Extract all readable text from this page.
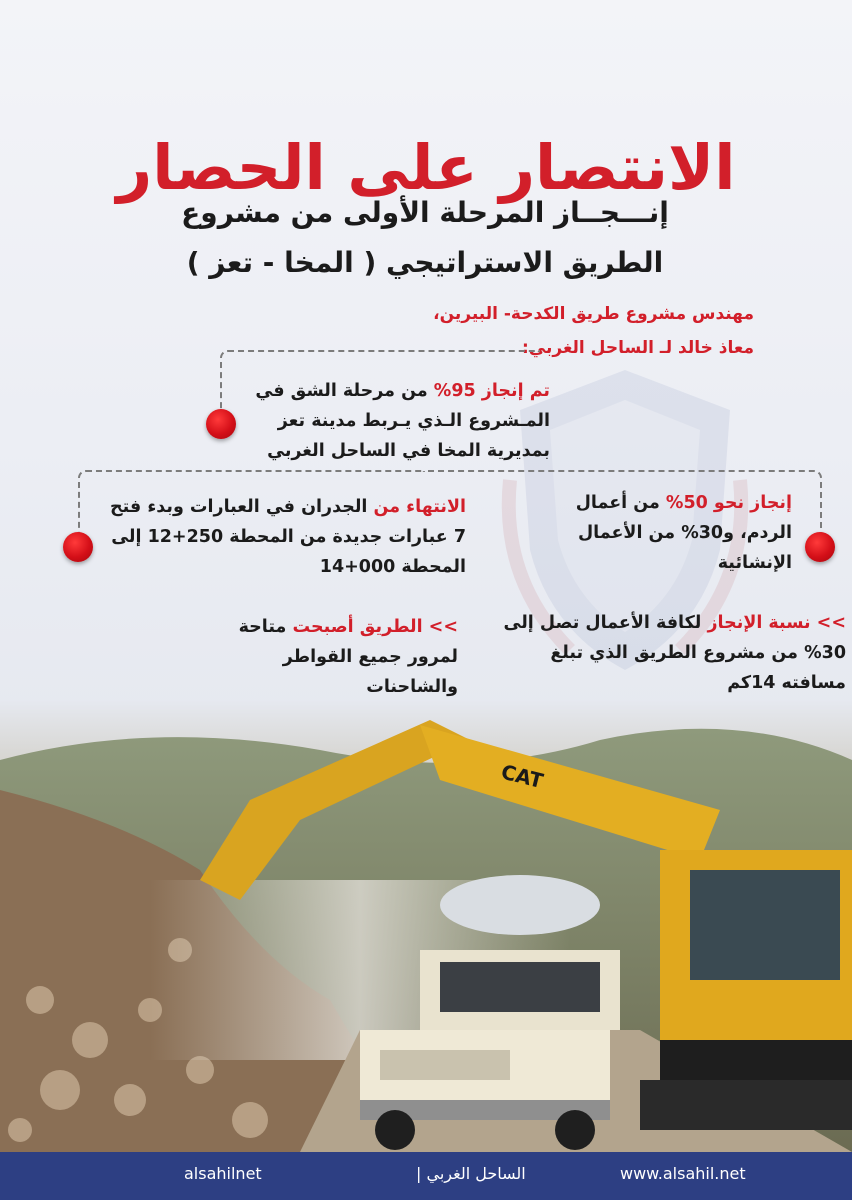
الانتصار على الحصار
إنـــجــاز المرحلة الأولى من مشروع
الطريق الاستراتيجي ( المخا - تعز )
مهندس مشروع طريق الكدحة- البيرين،
معاذ خالد لـ الساحل الغربي:
تم إنجاز 95% من مرحلة الشق في المـشروع الـذي يـربط مدينة تعز بمديرية المخا في الساحل الغربي
إنجاز نحو 50% من أعمال الردم، و30% من الأعمال الإنشائية
الانتهاء من الجدران في العبارات وبدء فتح 7 عبارات جديدة من المحطة 250+12 إلى المحطة 000+14
>> نسبة الإنجاز لكافة الأعمال تصل إلى 30% من مشروع الطريق الذي تبلغ مسافته 14كم
>> الطريق أصبحت متاحة لمرور جميع القواطر والشاحنات
CAT
alsahilnet	الساحل الغربي |	www.alsahil.net
